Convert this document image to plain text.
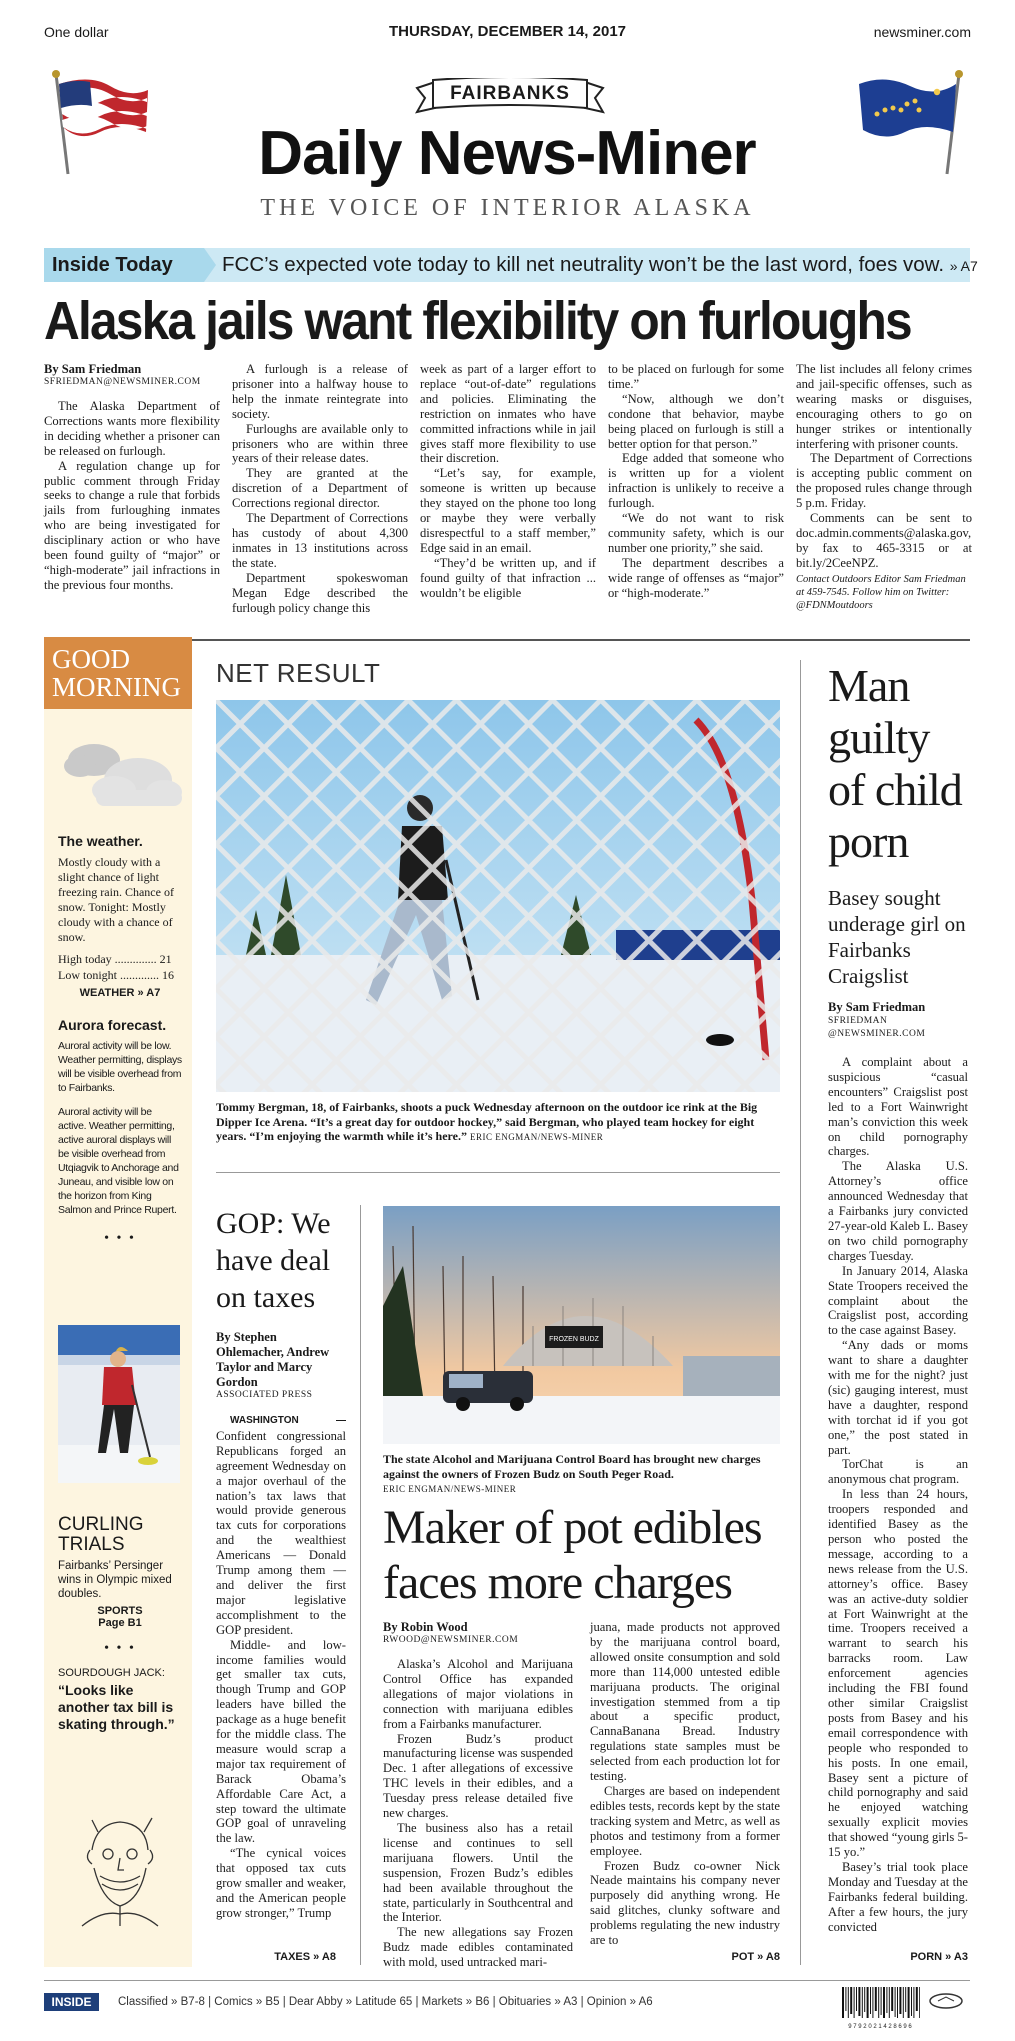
One dollar	THURSDAY, DECEMBER 14, 2017	newsminer.com
FAIRBANKS
Daily News-Miner
THE VOICE OF INTERIOR ALASKA
Inside Today	FCC’s expected vote today to kill net neutrality won’t be the last word, foes vow. » A7
Alaska jails want flexibility on furloughs
By Sam Friedman
SFRIEDMAN@NEWSMINER.COM

The Alaska Department of Corrections wants more flexibility in deciding whether a prisoner can be released on furlough.

A regulation change up for public comment through Friday seeks to change a rule that forbids jails from furloughing inmates who are being investigated for disciplinary action or who have been found guilty of “major” or “high-moderate” jail infractions in the previous four months.

A furlough is a release of prisoner into a halfway house to help the inmate reintegrate into society.

Furloughs are available only to prisoners who are within three years of their release dates.

They are granted at the discretion of a Department of Corrections regional director.

The Department of Corrections has custody of about 4,300 inmates in 13 institutions across the state.

Department spokeswoman Megan Edge described the furlough policy change this

week as part of a larger effort to replace “out-of-date” regulations and policies. Eliminating the restriction on inmates who have committed infractions while in jail gives staff more flexibility to use their discretion.

“Let’s say, for example, someone is written up because they stayed on the phone too long or maybe they were verbally disrespectful to a staff member,” Edge said in an email.

“They’d be written up, and if found guilty of that infraction ... wouldn’t be eligible

to be placed on furlough for some time.”

“Now, although we don’t condone that behavior, maybe being placed on furlough is still a better option for that person.”

Edge added that someone who is written up for a violent infraction is unlikely to receive a furlough.

“We do not want to risk community safety, which is our number one priority,” she said.

The department describes a wide range of offenses as “major” or “high-moderate.”

The list includes all felony crimes and jail-specific offenses, such as wearing masks or disguises, encouraging others to go on hunger strikes or intentionally interfering with prisoner counts.

The Department of Corrections is accepting public comment on the proposed rules change through 5 p.m. Friday.

Comments can be sent to doc.admin.comments@alaska.gov, by fax to 465-3315 or at bit.ly/2CeeNPZ.

Contact Outdoors Editor Sam Friedman at 459-7545. Follow him on Twitter: @FDNMoutdoors

GOOD MORNING
The weather.
Mostly cloudy with a slight chance of light freezing rain. Chance of snow. Tonight: Mostly cloudy with a chance of snow.
High today .............. 21
Low tonight ............. 16
WEATHER » A7
Aurora forecast.
Auroral activity will be low. Weather permitting, displays will be visible overhead from to Fairbanks.
Auroral activity will be active. Weather permitting, active auroral displays will be visible overhead from Utqiagvik to Anchorage and Juneau, and visible low on the horizon from King Salmon and Prince Rupert.
• • •
CURLING TRIALS
Fairbanks’ Persinger wins in Olympic mixed doubles.
SPORTS
Page B1
• • •
SOURDOUGH JACK:
“Looks like another tax bill is skating through.”
NET RESULT
Tommy Bergman, 18, of Fairbanks, shoots a puck Wednesday afternoon on the outdoor ice rink at the Big Dipper Ice Arena. “It’s a great day for outdoor hockey,” said Bergman, who played team hockey for eight years. “I’m enjoying the warmth while it’s here.” ERIC ENGMAN/NEWS-MINER
GOP: We have deal on taxes
By Stephen Ohlemacher, Andrew Taylor and Marcy Gordon
ASSOCIATED PRESS

WASHINGTON — Confident congressional Republicans forged an agreement Wednesday on a major overhaul of the nation’s tax laws that would provide generous tax cuts for corporations and the wealthiest Americans — Donald Trump among them — and deliver the first major legislative accomplishment to the GOP president.

Middle- and low-income families would get smaller tax cuts, though Trump and GOP leaders have billed the package as a huge benefit for the middle class. The measure would scrap a major tax requirement of Barack Obama’s Affordable Care Act, a step toward the ultimate GOP goal of unraveling the law.

“The cynical voices that opposed tax cuts grow smaller and weaker, and the American people grow stronger,” Trump

TAXES » A8
FROZEN BUDZ
The state Alcohol and Marijuana Control Board has brought new charges against the owners of Frozen Budz on South Peger Road.
ERIC ENGMAN/NEWS-MINER
Maker of pot edibles faces more charges
By Robin Wood
RWOOD@NEWSMINER.COM

Alaska’s Alcohol and Marijuana Control Office has expanded allegations of major violations in connection with marijuana edibles from a Fairbanks manufacturer.

Frozen Budz’s product manufacturing license was suspended Dec. 1 after allegations of excessive THC levels in their edibles, and a Tuesday press release detailed five new charges.

The business also has a retail license and continues to sell marijuana flowers. Until the suspension, Frozen Budz’s edibles had been available throughout the state, particularly in Southcentral and the Interior.

The new allegations say Frozen Budz made edibles contaminated with mold, used untracked mari-

juana, made products not approved by the marijuana control board, allowed onsite consumption and sold more than 114,000 untested edible marijuana products. The original investigation stemmed from a tip about a specific product, CannaBanana Bread. Industry regulations state samples must be selected from each production lot for testing.

Charges are based on independent edibles tests, records kept by the state tracking system and Metrc, as well as photos and testimony from a former employee.

Frozen Budz co-owner Nick Neade maintains his company never purposely did anything wrong. He said glitches, clunky software and problems regulating the new industry are to

POT » A8
Man guilty of child porn
Basey sought underage girl on Fairbanks Craigslist
By Sam Friedman
SFRIEDMAN @NEWSMINER.COM

A complaint about a suspicious “casual encounters” Craigslist post led to a Fort Wainwright man’s conviction this week on child pornography charges.

The Alaska U.S. Attorney’s office announced Wednesday that a Fairbanks jury convicted 27-year-old Kaleb L. Basey on two child pornography charges Tuesday.

In January 2014, Alaska State Troopers received the complaint about the Craigslist post, according to the case against Basey.

“Any dads or moms want to share a daughter with me for the night? just (sic) gauging interest, must have a daughter, respond with torchat id if you got one,” the post stated in part.

TorChat is an anonymous chat program.

In less than 24 hours, troopers responded and identified Basey as the person who posted the message, according to a news release from the U.S. attorney’s office. Basey was an active-duty soldier at Fort Wainwright at the time. Troopers received a warrant to search his barracks room. Law enforcement agencies including the FBI found other similar Craigslist posts from Basey and his email correspondence with people who responded to his posts. In one email, Basey sent a picture of child pornography and said he enjoyed watching sexually explicit movies that showed “young girls 5-15 yo.”

Basey’s trial took place Monday and Tuesday at the Fairbanks federal building. After a few hours, the jury convicted

PORN » A3
INSIDE	Classified » B7-8 | Comics » B5 | Dear Abby » Latitude 65 | Markets » B6 | Obituaries » A3 | Opinion » A6
9 7 9 2 0 2 1 4 2 8 6 9 6
